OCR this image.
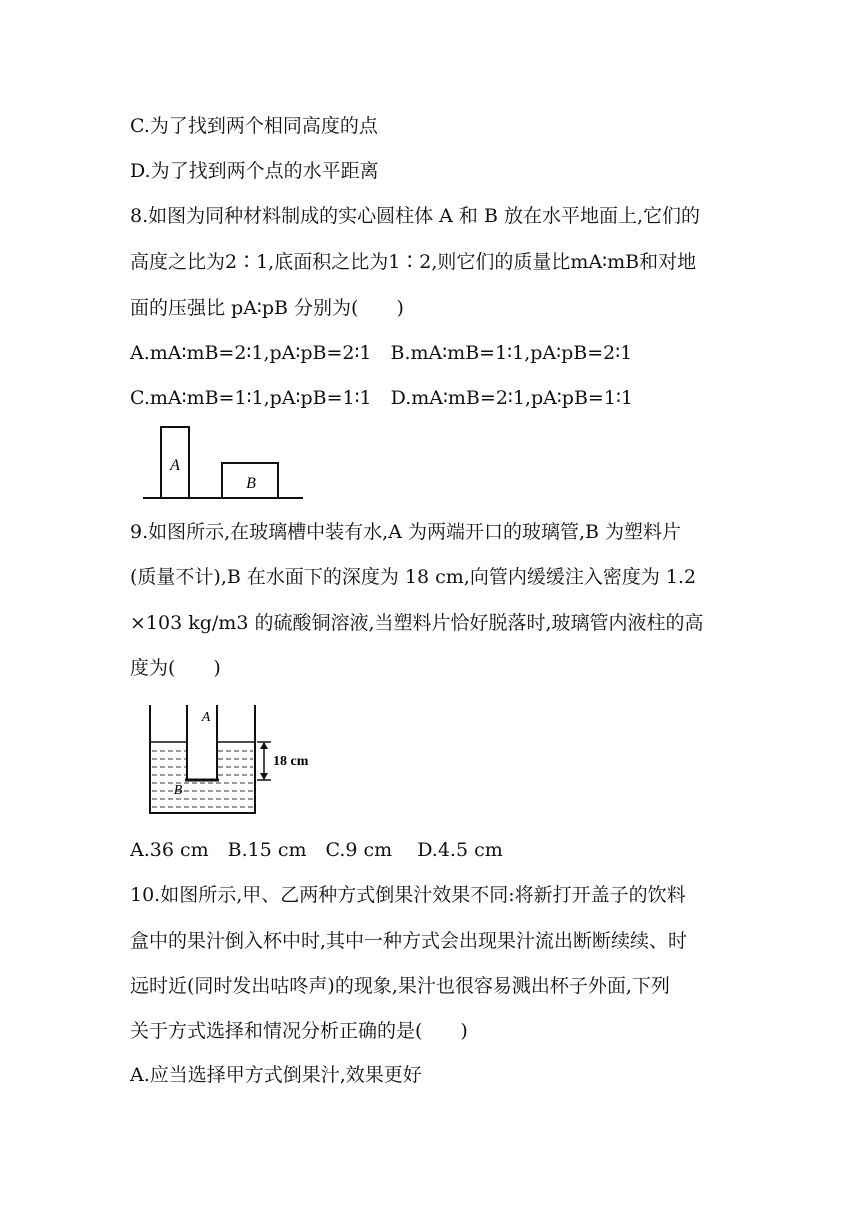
C.为了找到两个相同高度的点
D.为了找到两个点的水平距离
8.如图为同种材料制成的实心圆柱体 A 和 B 放在水平地面上,它们的
高度之比为2∶1,底面积之比为1∶2,则它们的质量比mA∶mB和对地
面的压强比 pA∶pB 分别为(　　)
A.mA∶mB=2∶1,pA∶pB=2∶1　B.mA∶mB=1∶1,pA∶pB=2∶1
C.mA∶mB=1∶1,pA∶pB=1∶1　D.mA∶mB=2∶1,pA∶pB=1∶1
9.如图所示,在玻璃槽中装有水,A 为两端开口的玻璃管,B 为塑料片
(质量不计),B 在水面下的深度为 18 cm,向管内缓缓注入密度为 1.2
×103 kg/m3 的硫酸铜溶液,当塑料片恰好脱落时,玻璃管内液柱的高
度为(　　)
A.36 cm　B.15 cm　C.9 cm　 D.4.5 cm
10.如图所示,甲、乙两种方式倒果汁效果不同:将新打开盖子的饮料
盒中的果汁倒入杯中时,其中一种方式会出现果汁流出断断续续、时
远时近(同时发出咕咚声)的现象,果汁也很容易溅出杯子外面,下列
关于方式选择和情况分析正确的是(　　)
A.应当选择甲方式倒果汁,效果更好
A
B
A
B
18 cm
